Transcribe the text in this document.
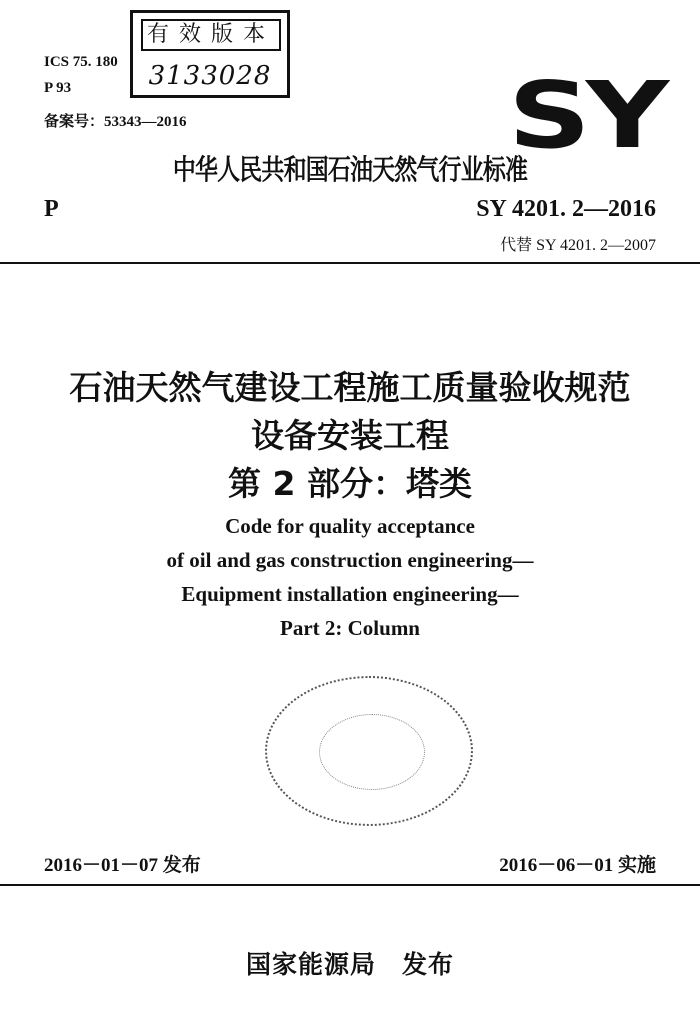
有效版本
3133028
ICS 75. 180
P 93
备案号：53343—2016	SY
中华人民共和国石油天然气行业标准
P	SY 4201. 2—2016
代替 SY 4201. 2—2007
石油天然气建设工程施工质量验收规范
设备安装工程
第 2 部分：塔类
Code for quality acceptance
of oil and gas construction engineering—
Equipment installation engineering—
Part 2: Column
2016－01－07 发布	2016－06－01 实施
国家能源局　发布
